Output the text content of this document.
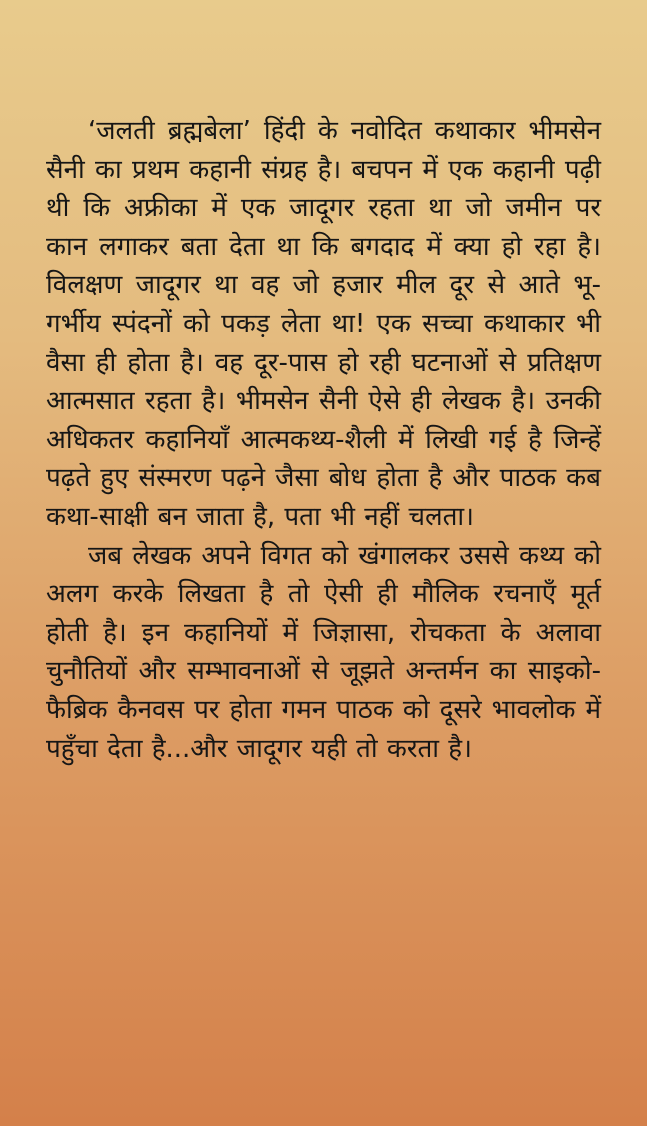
‘जलती ब्रह्मबेला’ हिंदी के नवोदित कथाकार भीमसेन सैनी का प्रथम कहानी संग्रह है। बचपन में एक कहानी पढ़ी थी कि अफ्रीका में एक जादूगर रहता था जो जमीन पर कान लगाकर बता देता था कि बगदाद में क्या हो रहा है। विलक्षण जादूगर था वह जो हजार मील दूर से आते भू-गर्भीय स्पंदनों को पकड़ लेता था! एक सच्चा कथाकार भी वैसा ही होता है। वह दूर-पास हो रही घटनाओं से प्रतिक्षण आत्मसात रहता है। भीमसेन सैनी ऐसे ही लेखक है। उनकी अधिकतर कहानियाँ आत्मकथ्य-शैली में लिखी गई है जिन्हें पढ़ते हुए संस्मरण पढ़ने जैसा बोध होता है और पाठक कब कथा-साक्षी बन जाता है, पता भी नहीं चलता।

जब लेखक अपने विगत को खंगालकर उससे कथ्य को अलग करके लिखता है तो ऐसी ही मौलिक रचनाएँ मूर्त होती है। इन कहानियों में जिज्ञासा, रोचकता के अलावा चुनौतियों और सम्भावनाओं से जूझते अन्तर्मन का साइको-फैब्रिक कैनवस पर होता गमन पाठक को दूसरे भावलोक में पहुँचा देता है...और जादूगर यही तो करता है।
